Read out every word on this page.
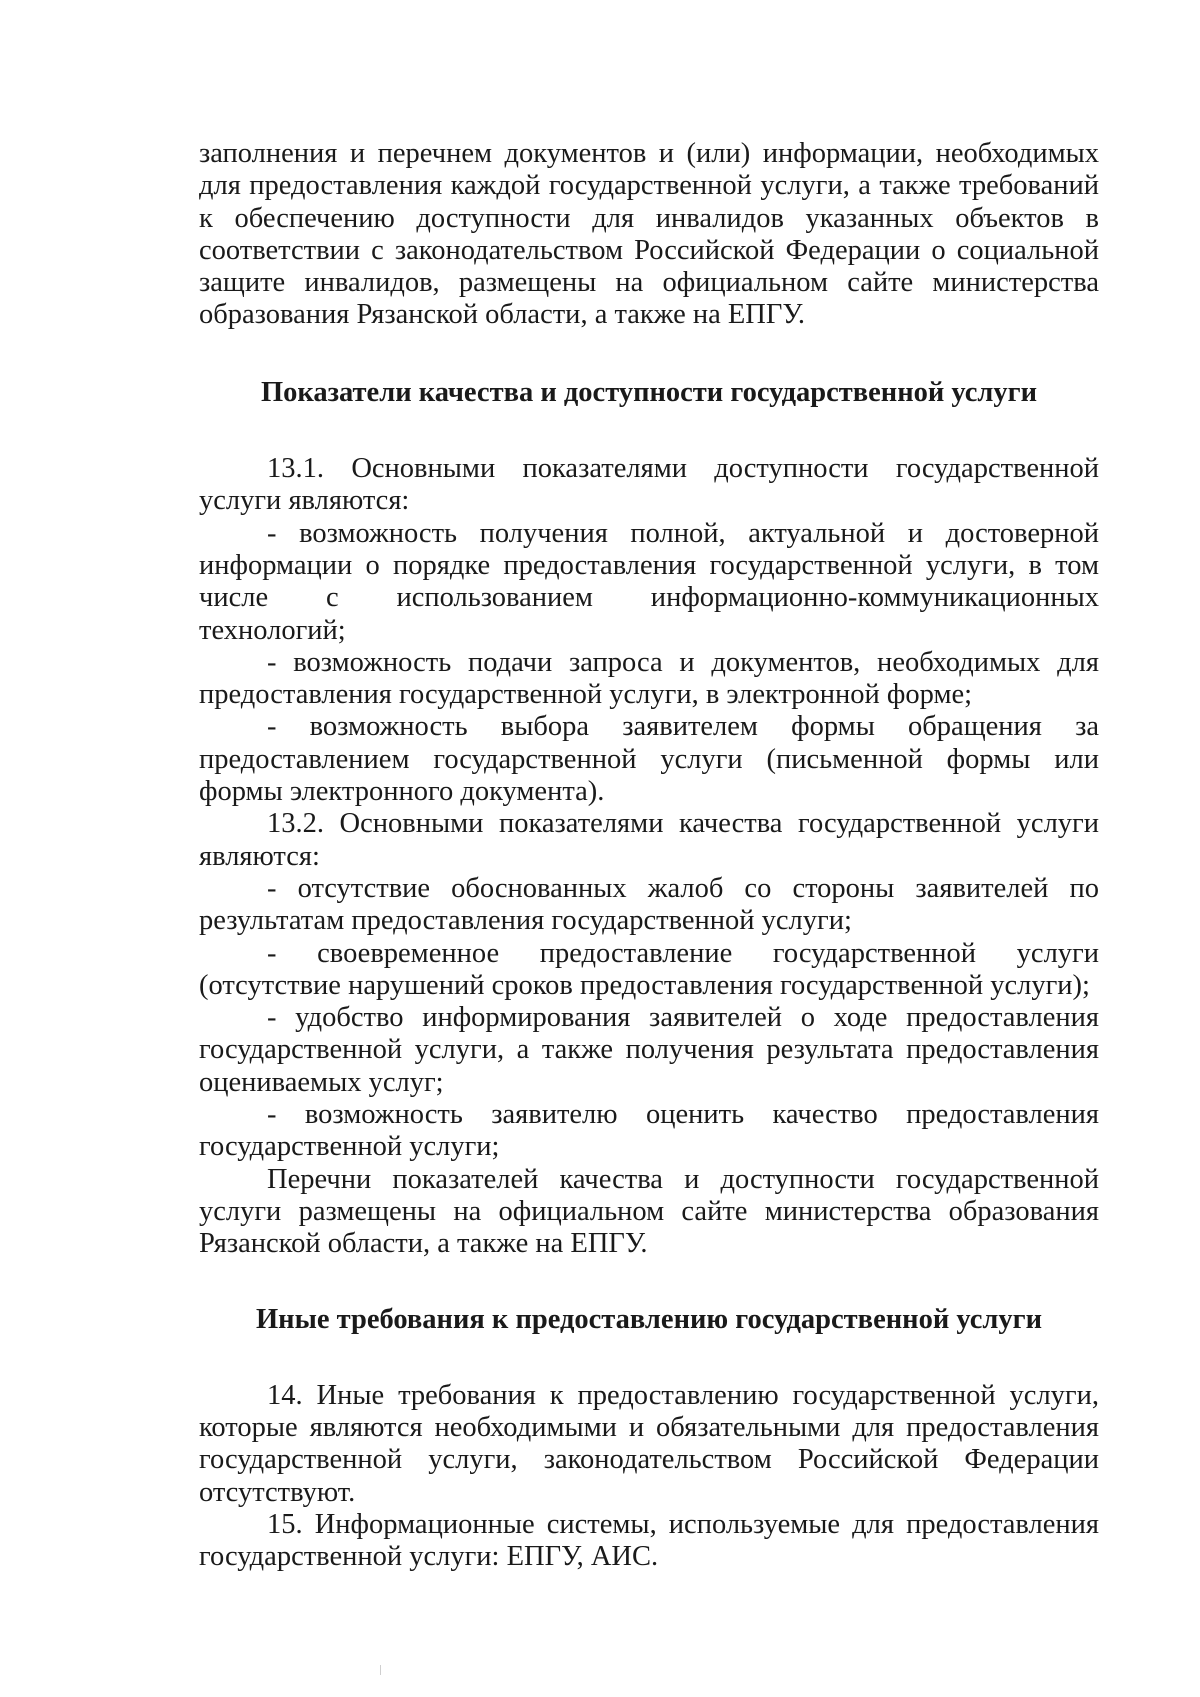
заполнения и перечнем документов и (или) информации, необходимых для предоставления каждой государственной услуги, а также требований к обеспечению доступности для инвалидов указанных объектов в соответствии с законодательством Российской Федерации о социальной защите инвалидов, размещены на официальном сайте министерства образования Рязанской области, а также на ЕПГУ.

Показатели качества и доступности государственной услуги

13.1. Основными показателями доступности государственной услуги являются:

- возможность получения полной, актуальной и достоверной информации о порядке предоставления государственной услуги, в том числе с использованием информационно-коммуникационных технологий;

- возможность подачи запроса и документов, необходимых для предоставления государственной услуги, в электронной форме;

- возможность выбора заявителем формы обращения за предоставлением государственной услуги (письменной формы или формы электронного документа).

13.2. Основными показателями качества государственной услуги являются:

- отсутствие обоснованных жалоб со стороны заявителей по результатам предоставления государственной услуги;

- своевременное предоставление государственной услуги (отсутствие нарушений сроков предоставления государственной услуги);

- удобство информирования заявителей о ходе предоставления государственной услуги, а также получения результата предоставления оцениваемых услуг;

- возможность заявителю оценить качество предоставления государственной услуги;

Перечни показателей качества и доступности государственной услуги размещены на официальном сайте министерства образования Рязанской области, а также на ЕПГУ.

Иные требования к предоставлению государственной услуги

14. Иные требования к предоставлению государственной услуги, которые являются необходимыми и обязательными для предоставления государственной услуги, законодательством Российской Федерации отсутствуют.

15. Информационные системы, используемые для предоставления государственной услуги: ЕПГУ, АИС.
